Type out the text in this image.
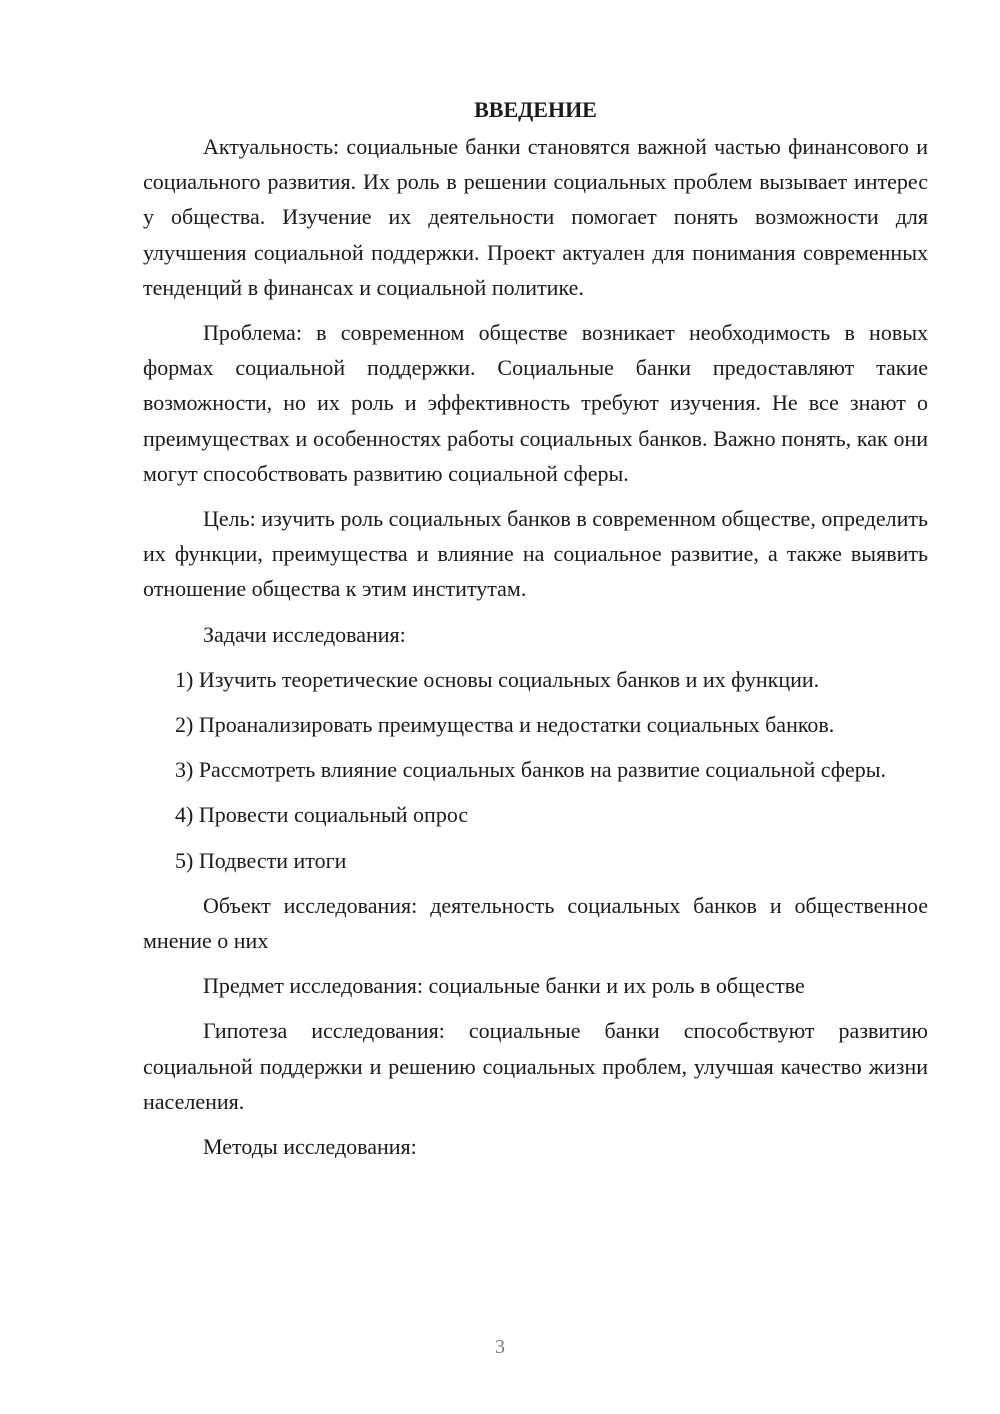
ВВЕДЕНИЕ

Актуальность: социальные банки становятся важной частью финансового и социального развития. Их роль в решении социальных проблем вызывает интерес у общества. Изучение их деятельности помогает понять возможности для улучшения социальной поддержки. Проект актуален для понимания современных тенденций в финансах и социальной политике.

Проблема: в современном обществе возникает необходимость в новых формах социальной поддержки. Социальные банки предоставляют такие возможности, но их роль и эффективность требуют изучения. Не все знают о преимуществах и особенностях работы социальных банков. Важно понять, как они могут способствовать развитию социальной сферы.

Цель: изучить роль социальных банков в современном обществе, определить их функции, преимущества и влияние на социальное развитие, а также выявить отношение общества к этим институтам.

Задачи исследования:

1) Изучить теоретические основы социальных банков и их функции.

2) Проанализировать преимущества и недостатки социальных банков.

3) Рассмотреть влияние социальных банков на развитие социальной сферы.

4) Провести социальный опрос

5) Подвести итоги

Объект исследования: деятельность социальных банков и общественное мнение о них

Предмет исследования: социальные банки и их роль в обществе

Гипотеза исследования: социальные банки способствуют развитию социальной поддержки и решению социальных проблем, улучшая качество жизни населения.

Методы исследования:

3
